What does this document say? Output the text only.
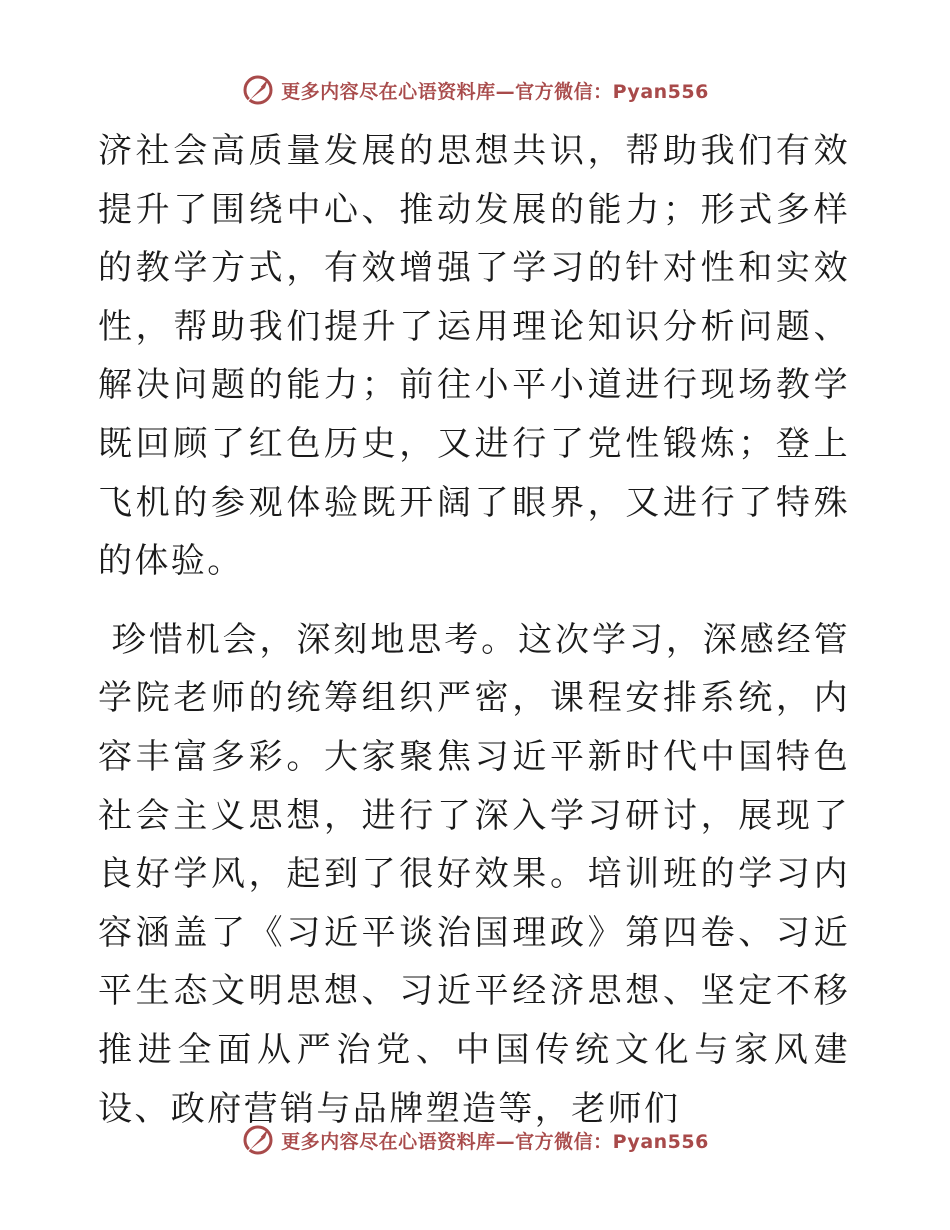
更多内容尽在心语资料库—官方微信：Pyan556

济社会高质量发展的思想共识，帮助我们有效提升了围绕中心、推动发展的能力；形式多样的教学方式，有效增强了学习的针对性和实效性，帮助我们提升了运用理论知识分析问题、解决问题的能力；前往小平小道进行现场教学既回顾了红色历史，又进行了党性锻炼；登上飞机的参观体验既开阔了眼界，又进行了特殊的体验。

珍惜机会，深刻地思考。这次学习，深感经管学院老师的统筹组织严密，课程安排系统，内容丰富多彩。大家聚焦习近平新时代中国特色社会主义思想，进行了深入学习研讨，展现了良好学风，起到了很好效果。培训班的学习内容涵盖了《习近平谈治国理政》第四卷、习近平生态文明思想、习近平经济思想、坚定不移推进全面从严治党、中国传统文化与家风建设、政府营销与品牌塑造等，老师们

更多内容尽在心语资料库—官方微信：Pyan556
